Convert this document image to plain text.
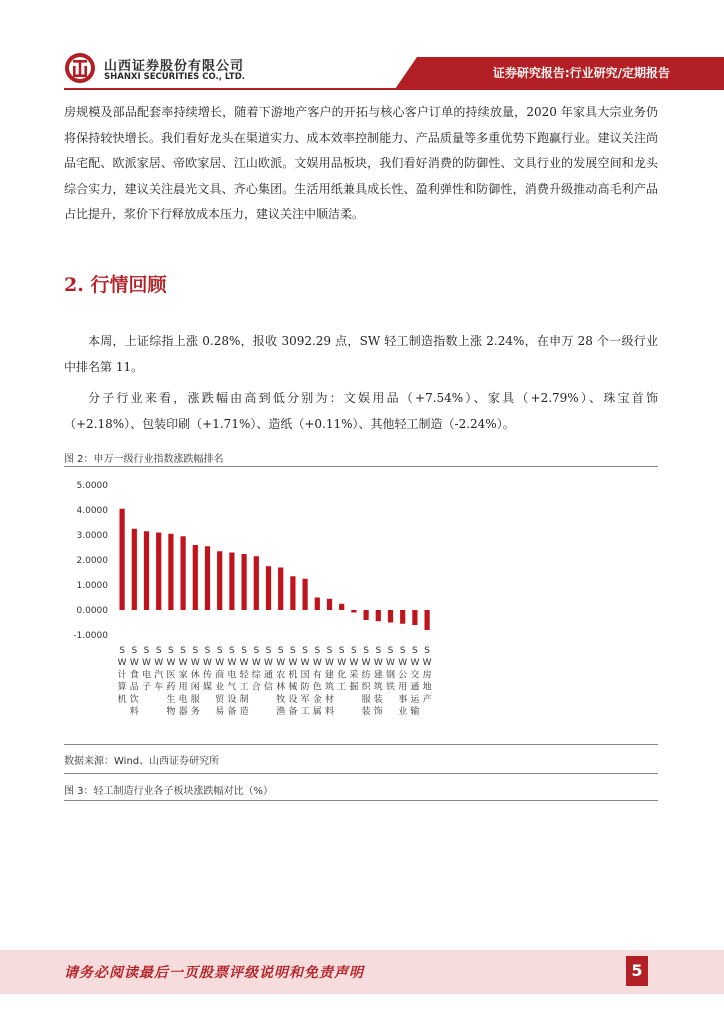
山西证券股份有限公司
SHANXI SECURITIES CO., LTD.	证券研究报告:行业研究/定期报告
房规模及部品配套率持续增长，随着下游地产客户的开拓与核心客户订单的持续放量，2020 年家具大宗业务仍将保持较快增长。我们看好龙头在渠道实力、成本效率控制能力、产品质量等多重优势下跑赢行业。建议关注尚品宅配、欧派家居、帝欧家居、江山欧派。文娱用品板块，我们看好消费的防御性、文具行业的发展空间和龙头综合实力，建议关注晨光文具、齐心集团。生活用纸兼具成长性、盈利弹性和防御性，消费升级推动高毛利产品占比提升，浆价下行释放成本压力，建议关注中顺洁柔。
2. 行情回顾
本周，上证综指上涨 0.28%，报收 3092.29 点，SW 轻工制造指数上涨 2.24%，在申万 28 个一级行业中排名第 11。
分子行业来看，涨跌幅由高到低分别为：文娱用品（+7.54%）、家具（+2.79%）、珠宝首饰（+2.18%）、包装印刷（+1.71%）、造纸（+0.11%）、其他轻工制造（-2.24%）。
图 2：申万一级行业指数涨跌幅排名
5.0000
4.0000
3.0000
2.0000
1.0000
0.0000
-1.0000
S
W
计
算
机
S
W
食
品
饮
料
S
W
电
子
S
W
汽
车
S
W
医
药
生
物
S
W
家
用
电
器
S
W
休
闲
服
务
S
W
传
媒
S
W
商
业
贸
易
S
W
电
气
设
备
S
W
轻
工
制
造
S
W
综
合
S
W
通
信
S
W
农
林
牧
渔
S
W
机
械
设
备
S
W
国
防
军
工
S
W
有
色
金
属
S
W
建
筑
材
料
S
W
化
工
S
W
采
掘
S
W
纺
织
服
装
S
W
建
筑
装
饰
S
W
钢
铁
S
W
公
用
事
业
S
W
交
通
运
输
S
W
房
地
产
数据来源：Wind、山西证券研究所
图 3：轻工制造行业各子板块涨跌幅对比（%）
请务必阅读最后一页股票评级说明和免责声明	5
